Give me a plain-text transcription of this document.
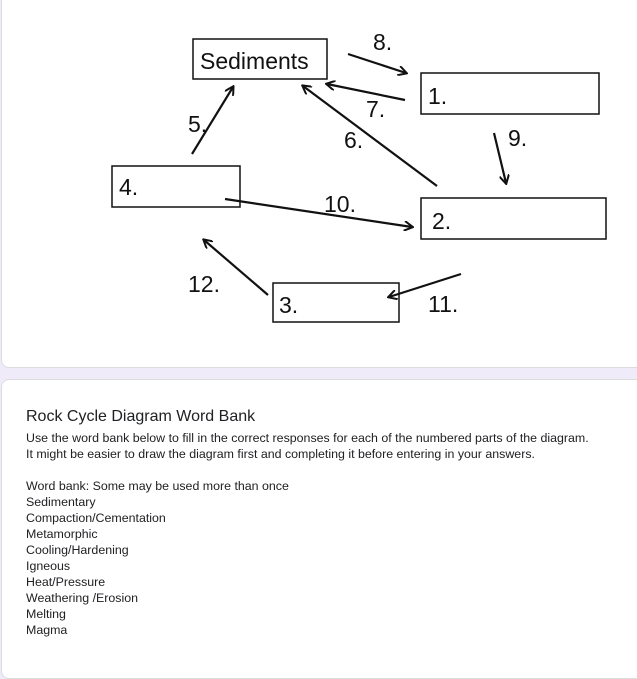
Sediments
1.
2.
3.
4.
5.
6.
7.
8.
9.
10.
11.
12.
Rock Cycle Diagram Word Bank
Use the word bank below to fill in the correct responses for each of the numbered parts of the diagram.
It might be easier to draw the diagram first and completing it before entering in your answers.
Word bank: Some may be used more than once
Sedimentary
Compaction/Cementation
Metamorphic
Cooling/Hardening
Igneous
Heat/Pressure
Weathering /Erosion
Melting
Magma
